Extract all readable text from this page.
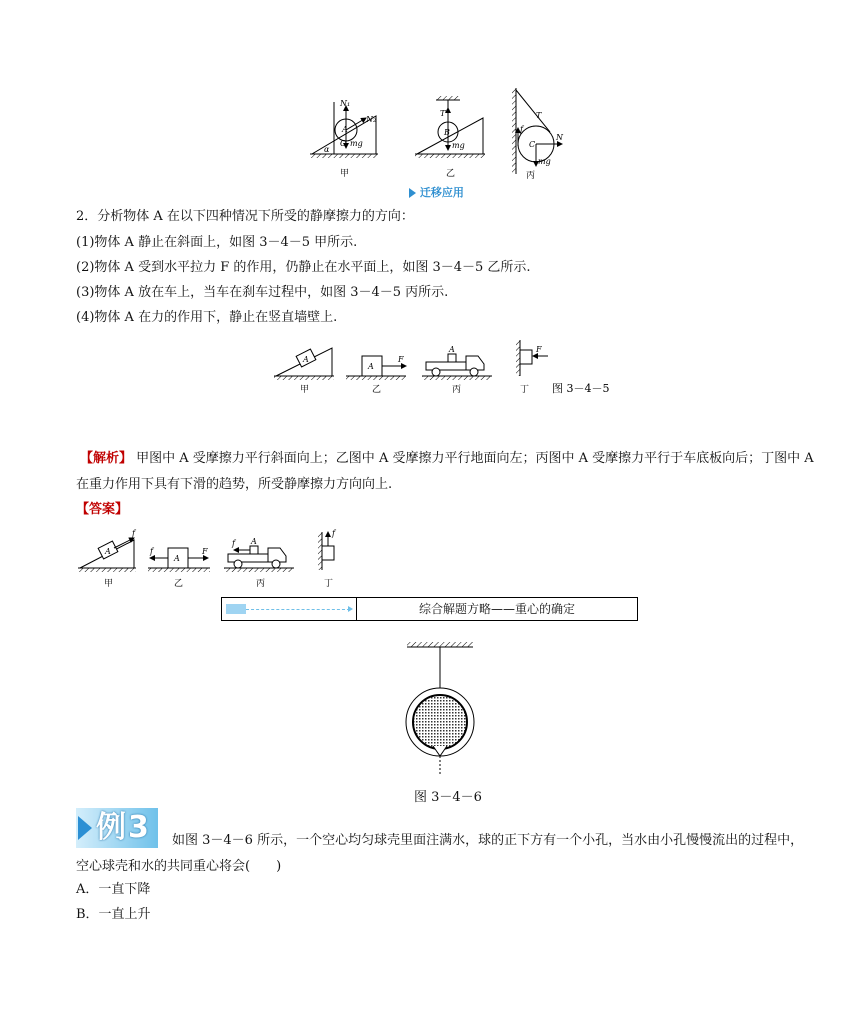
N₁
N₂
A
O
α
mg
甲
T
B
mg
乙
f
T
N
C
mg
丙
迁移应用
2．分析物体 A 在以下四种情况下所受的静摩擦力的方向：
(1)物体 A 静止在斜面上，如图 3－4－5 甲所示.
(2)物体 A 受到水平拉力 F 的作用，仍静止在水平面上，如图 3－4－5 乙所示.
(3)物体 A 放在车上，当车在刹车过程中，如图 3－4－5 丙所示.
(4)物体 A 在力的作用下，静止在竖直墙壁上.
A
甲
A
F
乙
A
丙
F
丁 图 3－4－5
【解析】 甲图中 A 受摩擦力平行斜面向上；乙图中 A 受摩擦力平行地面向左；丙图中 A 受摩擦力平行于车底板向后；丁图中 A 在重力作用下具有下滑的趋势，所受静摩擦力方向向上.
【答案】
f
A
甲
f
A
F
乙
f A
丙
f
丁
综合解题方略——重心的确定
图 3－4－6
例3	如图 3－4－6 所示，一个空心均匀球壳里面注满水，球的正下方有一个小孔，当水由小孔慢慢流出的过程中，空心球壳和水的共同重心将会(　　)
A．一直下降
B．一直上升
